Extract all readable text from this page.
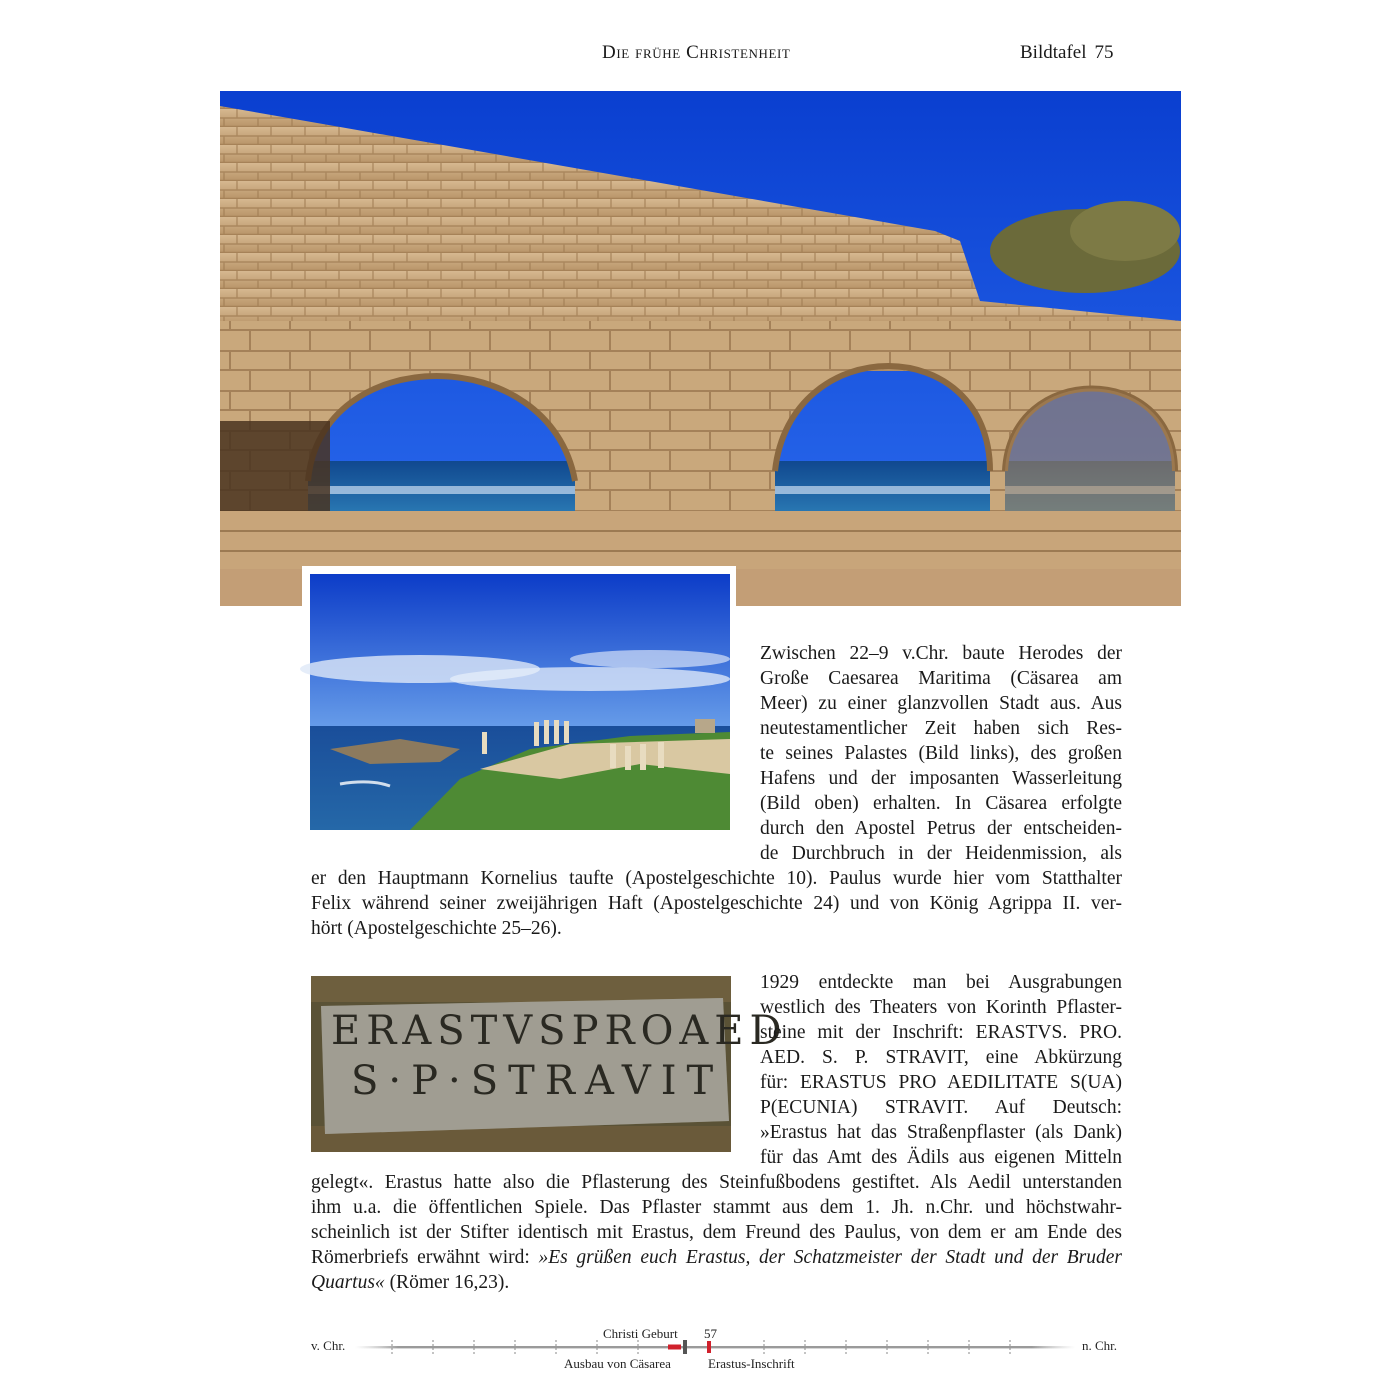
Die frühe Christenheit	Bildtafel 75
Zwischen 22–9 v.Chr. baute Herodes der
Große Caesarea Maritima (Cäsarea am
Meer) zu einer glanzvollen Stadt aus. Aus
neutestamentlicher Zeit haben sich Res-
te seines Palastes (Bild links), des großen
Hafens und der imposanten Wasserleitung
(Bild oben) erhalten. In Cäsarea erfolgte
durch den Apostel Petrus der entscheiden-
de Durchbruch in der Heidenmission, als
er den Hauptmann Kornelius taufte (Apostelgeschichte 10). Paulus wurde hier vom Statthalter
Felix während seiner zweijährigen Haft (Apostelgeschichte 24) und von König Agrippa II. ver-
hört (Apostelgeschichte 25–26).
ERASTVSPROAED
S·P·STRAVIT
1929 entdeckte man bei Ausgrabungen
westlich des Theaters von Korinth Pflaster-
steine mit der Inschrift: ERASTVS. PRO.
AED. S. P. STRAVIT, eine Abkürzung
für: ERASTUS PRO AEDILITATE S(UA)
P(ECUNIA) STRAVIT. Auf Deutsch:
»Erastus hat das Straßenpflaster (als Dank)
für das Amt des Ädils aus eigenen Mitteln
gelegt«. Erastus hatte also die Pflasterung des Steinfußbodens gestiftet. Als Aedil unterstanden
ihm u.a. die öffentlichen Spiele. Das Pflaster stammt aus dem 1. Jh. n.Chr. und höchstwahr-
scheinlich ist der Stifter identisch mit Erastus, dem Freund des Paulus, von dem er am Ende des
Römerbriefs erwähnt wird: »Es grüßen euch Erastus, der Schatzmeister der Stadt und der Bruder
Quartus« (Römer 16,23).
v. Chr.	n. Chr.
Christi Geburt 57
Ausbau von Cäsarea	Erastus-Inschrift
